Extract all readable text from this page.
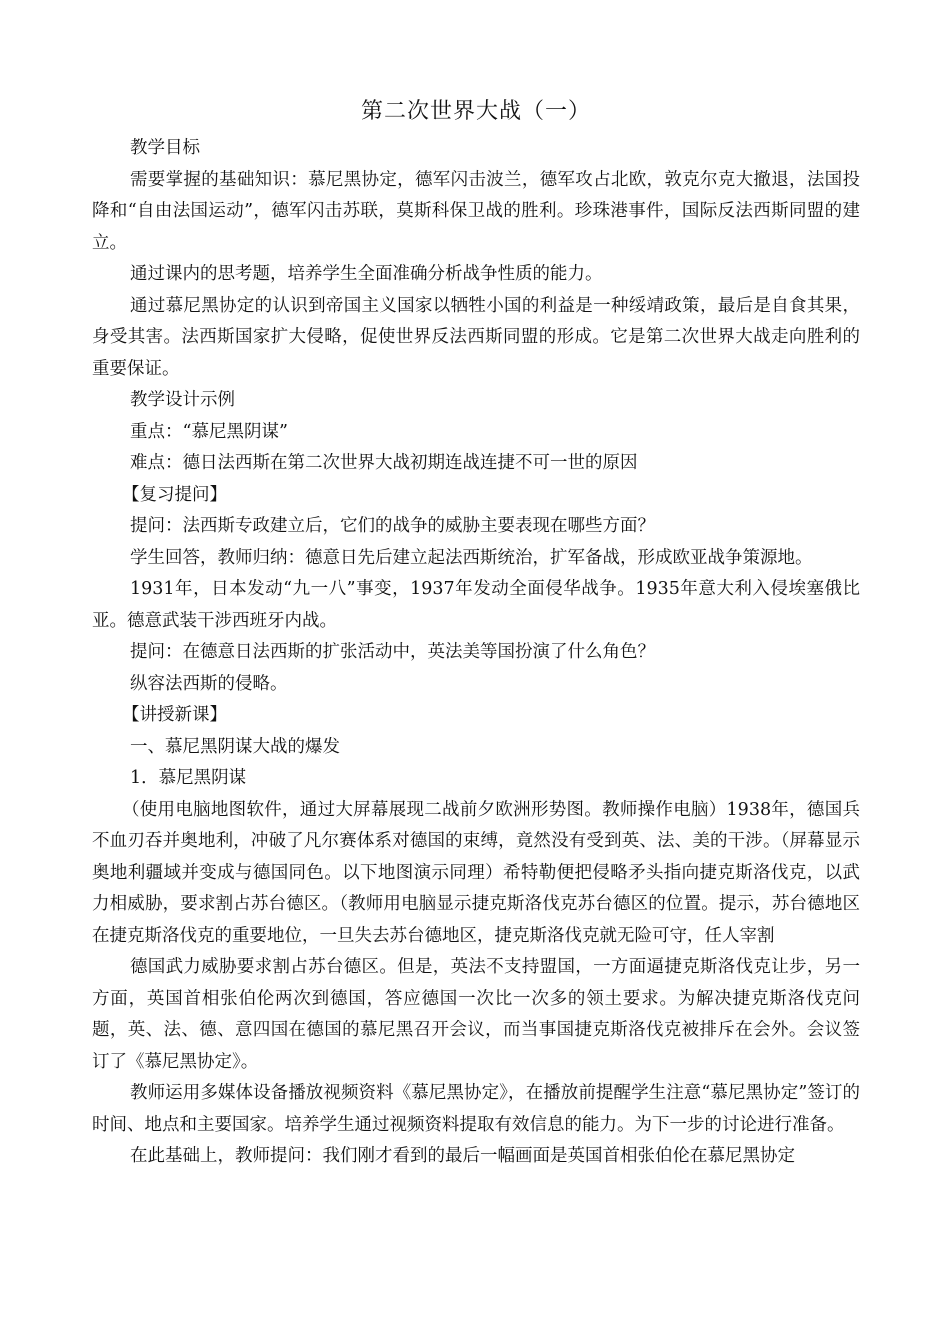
第二次世界大战（一）

教学目标

需要掌握的基础知识：慕尼黑协定，德军闪击波兰，德军攻占北欧，敦克尔克大撤退，法国投降和“自由法国运动”，德军闪击苏联，莫斯科保卫战的胜利。珍珠港事件，国际反法西斯同盟的建立。

通过课内的思考题，培养学生全面准确分析战争性质的能力。

通过慕尼黑协定的认识到帝国主义国家以牺牲小国的利益是一种绥靖政策，最后是自食其果，身受其害。法西斯国家扩大侵略，促使世界反法西斯同盟的形成。它是第二次世界大战走向胜利的重要保证。

教学设计示例

重点：“慕尼黑阴谋”

难点：德日法西斯在第二次世界大战初期连战连捷不可一世的原因

【复习提问】

提问：法西斯专政建立后，它们的战争的威胁主要表现在哪些方面？

学生回答，教师归纳：德意日先后建立起法西斯统治，扩军备战，形成欧亚战争策源地。

1931年，日本发动“九一八”事变，1937年发动全面侵华战争。1935年意大利入侵埃塞俄比亚。德意武装干涉西班牙内战。

提问：在德意日法西斯的扩张活动中，英法美等国扮演了什么角色？

纵容法西斯的侵略。

【讲授新课】

一、慕尼黑阴谋大战的爆发

1．慕尼黑阴谋

（使用电脑地图软件，通过大屏幕展现二战前夕欧洲形势图。教师操作电脑）1938年，德国兵不血刃吞并奥地利，冲破了凡尔赛体系对德国的束缚，竟然没有受到英、法、美的干涉。（屏幕显示奥地利疆域并变成与德国同色。以下地图演示同理）希特勒便把侵略矛头指向捷克斯洛伐克，以武力相威胁，要求割占苏台德区。（教师用电脑显示捷克斯洛伐克苏台德区的位置。提示，苏台德地区在捷克斯洛伐克的重要地位，一旦失去苏台德地区，捷克斯洛伐克就无险可守，任人宰割

德国武力威胁要求割占苏台德区。但是，英法不支持盟国，一方面逼捷克斯洛伐克让步，另一方面，英国首相张伯伦两次到德国，答应德国一次比一次多的领土要求。为解决捷克斯洛伐克问题，英、法、德、意四国在德国的慕尼黑召开会议，而当事国捷克斯洛伐克被排斥在会外。会议签订了《慕尼黑协定》。

教师运用多媒体设备播放视频资料《慕尼黑协定》，在播放前提醒学生注意“慕尼黑协定”签订的时间、地点和主要国家。培养学生通过视频资料提取有效信息的能力。为下一步的讨论进行准备。

在此基础上，教师提问：我们刚才看到的最后一幅画面是英国首相张伯伦在慕尼黑协定
